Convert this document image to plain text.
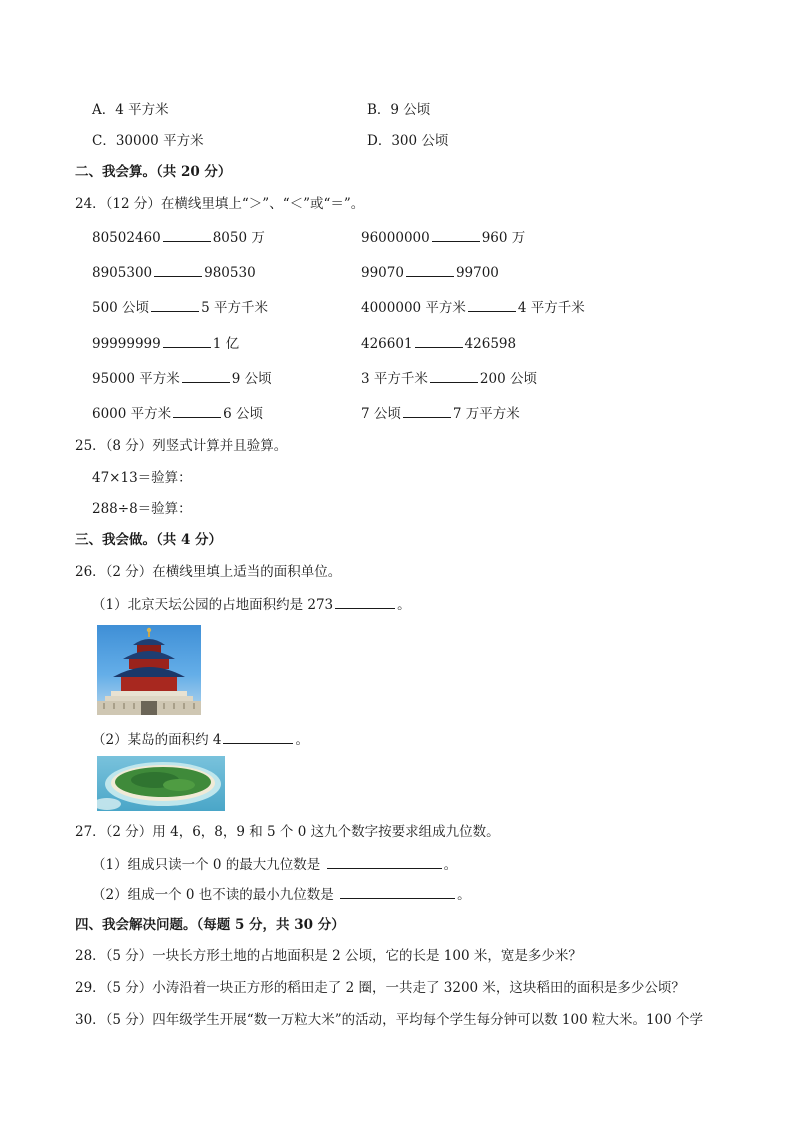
A．4 平方米	B．9 公顷
C．30000 平方米	D．300 公顷
二、我会算。（共 20 分）
24．（12 分）在横线里填上“＞”、“＜”或“＝”。
80502460	8050 万	96000000	960 万
8905300	980530	99070	99700
500 公顷	5 平方千米	4000000 平方米	4 平方千米
99999999	1 亿	426601	426598
95000 平方米	9 公顷	3 平方千米	200 公顷
6000 平方米	6 公顷	7 公顷	7 万平方米
25．（8 分）列竖式计算并且验算。
47×13＝验算：
288÷8＝验算：
三、我会做。（共 4 分）
26．（2 分）在横线里填上适当的面积单位。
（1）北京天坛公园的占地面积约是 273	。
（2）某岛的面积约 4	。
27．（2 分）用 4，6，8，9 和 5 个 0 这九个数字按要求组成九位数。
（1）组成只读一个 0 的最大九位数是	。
（2）组成一个 0 也不读的最小九位数是	。
四、我会解决问题。（每题 5 分，共 30 分）
28．（5 分）一块长方形土地的占地面积是 2 公顷，它的长是 100 米，宽是多少米？
29．（5 分）小涛沿着一块正方形的稻田走了 2 圈，一共走了 3200 米，这块稻田的面积是多少公顷？
30．（5 分）四年级学生开展“数一万粒大米”的活动，平均每个学生每分钟可以数 100 粒大米。100 个学
